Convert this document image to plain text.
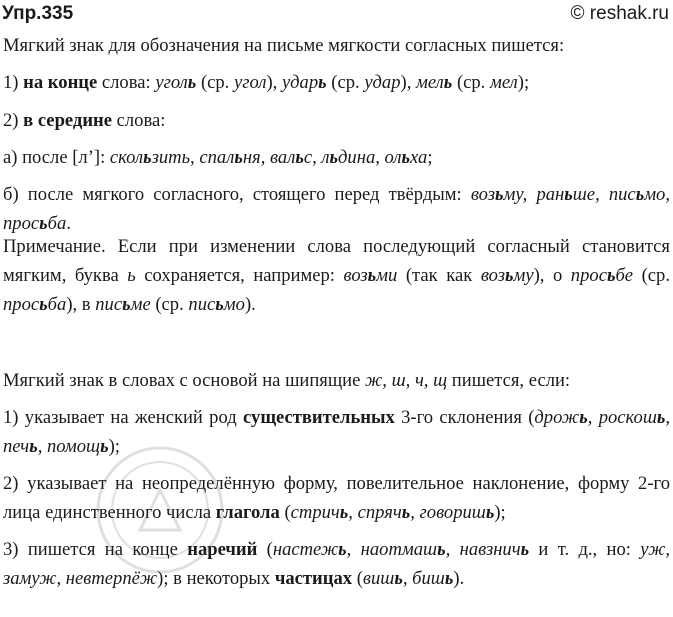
Упр.335	© reshak.ru

Мягкий знак для обозначения на письме мягкости согласных пишется:

1) на конце слова: уголь (ср. угол), ударь (ср. удар), мель (ср. мел);

2) в середине слова:

а) после [л’]: скользить, спальня, вальс, льдина, ольха;

б) после мягкого согласного, стоящего перед твёрдым: возьму, раньше, письмо, просьба.

Примечание. Если при изменении слова последующий согласный становится мягким, буква ь сохраняется, например: возьми (так как возьму), о просьбе (ср. просьба), в письме (ср. письмо).

Мягкий знак в словах с основой на шипящие ж, ш, ч, щ пишется, если:

1) указывает на женский род существительных 3-го склонения (дрожь, роскошь, печь, помощь);

2) указывает на неопределённую форму, повелительное наклонение, форму 2-го лица единственного числа глагола (стричь, спрячь, говоришь);

3) пишется на конце наречий (настежь, наотмашь, навзничь и т. д., но: уж, замуж, невтерпёж); в некоторых частицах (вишь, бишь).
